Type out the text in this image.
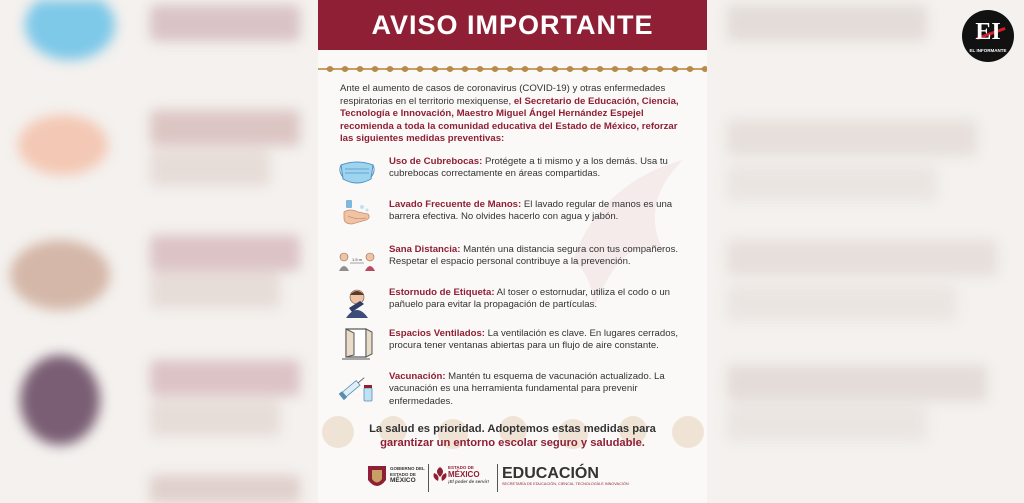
AVISO IMPORTANTE
Ante el aumento de casos de coronavirus (COVID-19) y otras enfermedades respiratorias en el territorio mexiquense, el Secretario de Educación, Ciencia, Tecnología e Innovación, Maestro Miguel Ángel Hernández Espejel recomienda a toda la comunidad educativa del Estado de México, reforzar las siguientes medidas preventivas:
Uso de Cubrebocas: Protégete a ti mismo y a los demás. Usa tu cubrebocas correctamente en áreas compartidas.
Lavado Frecuente de Manos: El lavado regular de manos es una barrera efectiva. No olvides hacerlo con agua y jabón.
1.5 m
Sana Distancia: Mantén una distancia segura con tus compañeros. Respetar el espacio personal contribuye a la prevención.
Estornudo de Etiqueta: Al toser o estornudar, utiliza el codo o un pañuelo para evitar la propagación de partículas.
Espacios Ventilados: La ventilación es clave. En lugares cerrados, procura tener ventanas abiertas para un flujo de aire constante.
Vacunación: Mantén tu esquema de vacunación actualizado. La vacunación es una herramienta fundamental para prevenir enfermedades.
La salud es prioridad. Adoptemos estas medidas para
garantizar un entorno escolar seguro y saludable.
GOBIERNO DEL
ESTADO DE
MÉXICO
ESTADO DE
MÉXICO
¡El poder de servir! EDUCACIÓN
SECRETARÍA DE EDUCACIÓN, CIENCIA, TECNOLOGÍA E INNOVACIÓN
EI
EL INFORMANTE
